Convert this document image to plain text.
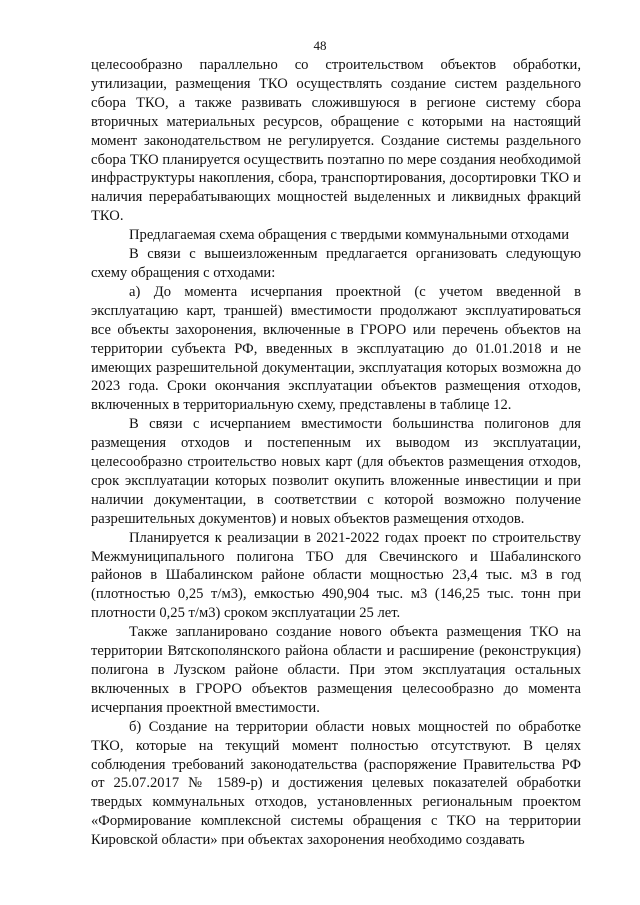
48

целесообразно параллельно со строительством объектов обработки, утилизации, размещения ТКО осуществлять создание систем раздельного сбора ТКО, а также развивать сложившуюся в регионе систему сбора вторичных материальных ресурсов, обращение с которыми на настоящий момент законодательством не регулируется. Создание системы раздельного сбора ТКО планируется осуществить поэтапно по мере создания необходимой инфраструктуры накопления, сбора, транспортирования, досортировки ТКО и наличия перерабатывающих мощностей выделенных и ликвидных фракций ТКО.

Предлагаемая схема обращения с твердыми коммунальными отходами

В связи с вышеизложенным предлагается организовать следующую схему обращения с отходами:

а) До момента исчерпания проектной (с учетом введенной в эксплуатацию карт, траншей) вместимости продолжают эксплуатироваться все объекты захоронения, включенные в ГРОРО или перечень объектов на территории субъекта РФ, введенных в эксплуатацию до 01.01.2018 и не имеющих разрешительной документации, эксплуатация которых возможна до 2023 года. Сроки окончания эксплуатации объектов размещения отходов, включенных в территориальную схему, представлены в таблице 12.

В связи с исчерпанием вместимости большинства полигонов для размещения отходов и постепенным их выводом из эксплуатации, целесообразно строительство новых карт (для объектов размещения отходов, срок эксплуатации которых позволит окупить вложенные инвестиции и при наличии документации, в соответствии с которой возможно получение разрешительных документов) и новых объектов размещения отходов.

Планируется к реализации в 2021-2022 годах проект по строительству Межмуниципального полигона ТБО для Свечинского и Шабалинского районов в Шабалинском районе области мощностью 23,4 тыс. м3 в год (плотностью 0,25 т/м3), емкостью 490,904 тыс. м3 (146,25 тыс. тонн при плотности 0,25 т/м3) сроком эксплуатации 25 лет.

Также запланировано создание нового объекта размещения ТКО на территории Вятскополянского района области и расширение (реконструкция) полигона в Лузском районе области. При этом эксплуатация остальных включенных в ГРОРО объектов размещения целесообразно до момента исчерпания проектной вместимости.

б) Создание на территории области новых мощностей по обработке ТКО, которые на текущий момент полностью отсутствуют. В целях соблюдения требований законодательства (распоряжение Правительства РФ от 25.07.2017 № 1589-р) и достижения целевых показателей обработки твердых коммунальных отходов, установленных региональным проектом «Формирование комплексной системы обращения с ТКО на территории Кировской области» при объектах захоронения необходимо создавать
